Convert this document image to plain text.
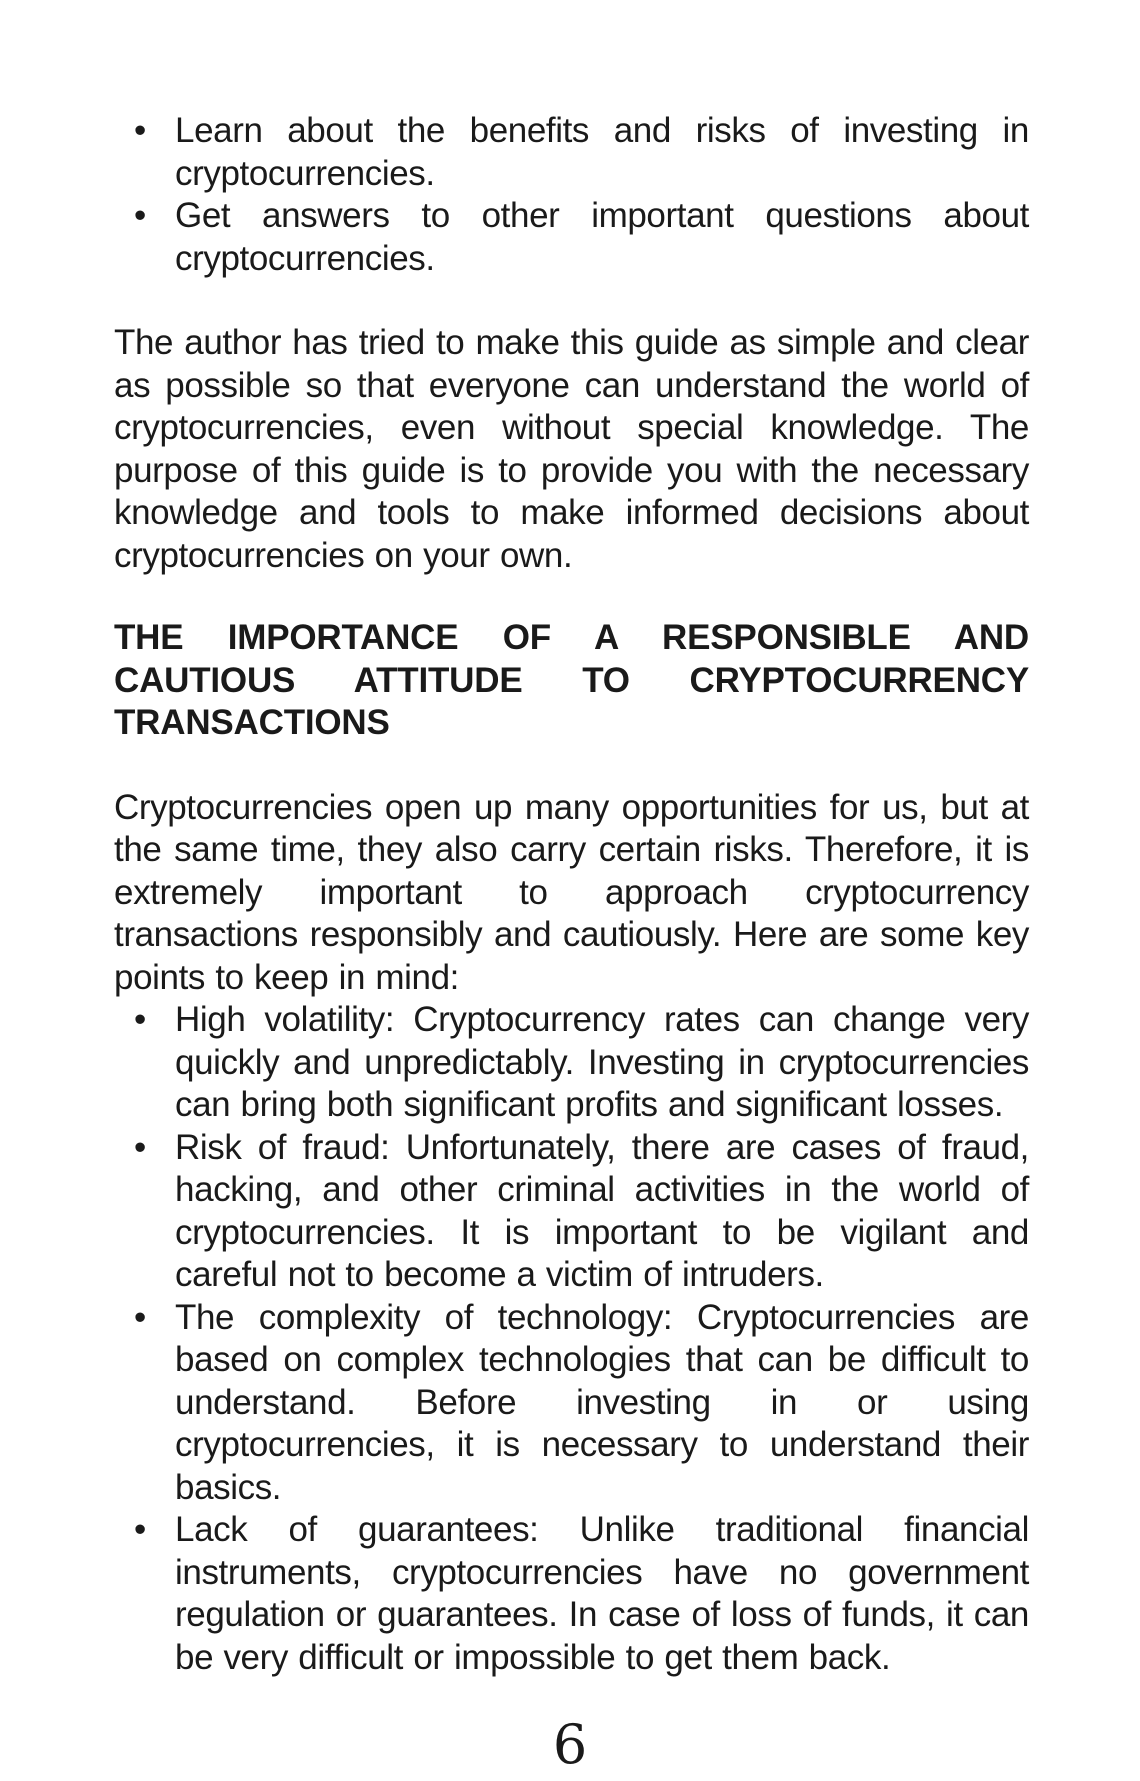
• Learn about the benefits and risks of investing in cryptocurrencies.
• Get answers to other important questions about cryptocurrencies.

The author has tried to make this guide as simple and clear as possible so that everyone can understand the world of cryptocurrencies, even without special knowledge. The purpose of this guide is to provide you with the necessary knowledge and tools to make informed decisions about cryptocurrencies on your own.

THE IMPORTANCE OF A RESPONSIBLE AND CAUTIOUS ATTITUDE TO CRYPTOCURRENCY TRANSACTIONS

Cryptocurrencies open up many opportunities for us, but at the same time, they also carry certain risks. Therefore, it is extremely important to approach cryptocurrency transactions responsibly and cautiously. Here are some key points to keep in mind:

• High volatility: Cryptocurrency rates can change very quickly and unpredictably. Investing in cryptocurrencies can bring both significant profits and significant losses.
• Risk of fraud: Unfortunately, there are cases of fraud, hacking, and other criminal activities in the world of cryptocurrencies. It is important to be vigilant and careful not to become a victim of intruders.
• The complexity of technology: Cryptocurrencies are based on complex technologies that can be difficult to understand. Before investing in or using cryptocurrencies, it is necessary to understand their basics.
• Lack of guarantees: Unlike traditional financial instruments, cryptocurrencies have no government regulation or guarantees. In case of loss of funds, it can be very difficult or impossible to get them back.
6
